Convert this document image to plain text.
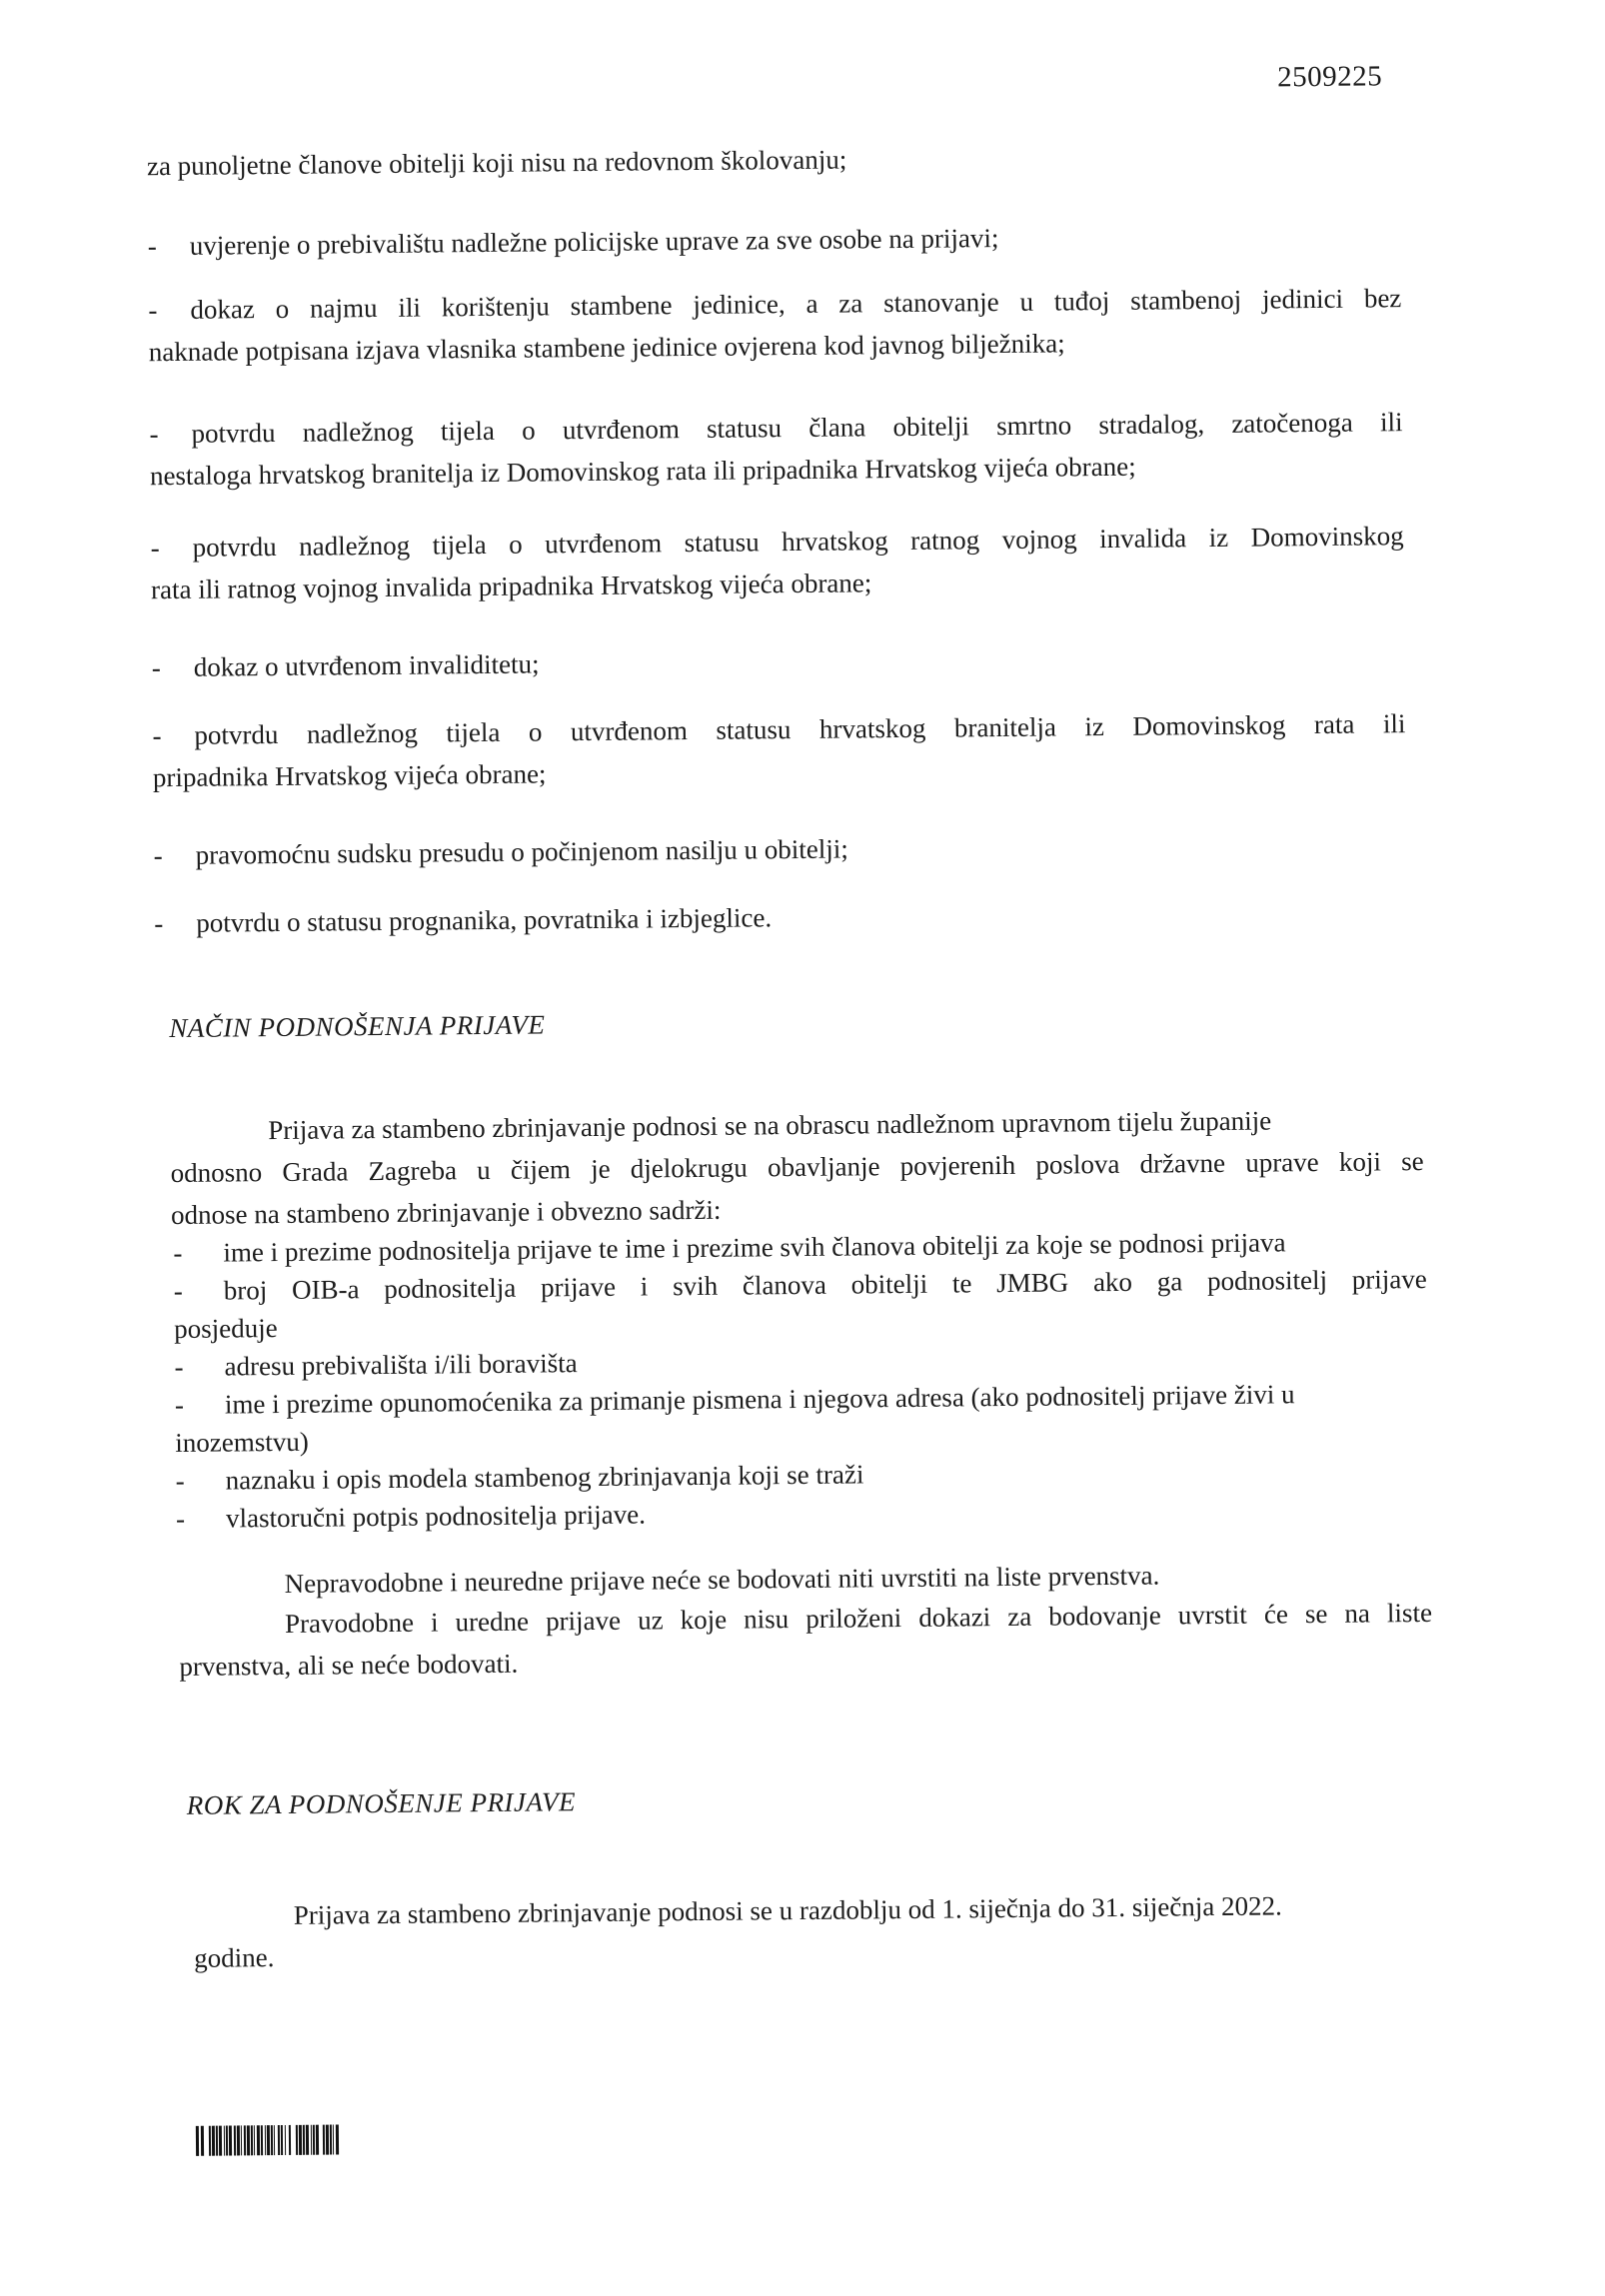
2509225
za punoljetne članove obitelji koji nisu na redovnom školovanju;
- uvjerenje o prebivalištu nadležne policijske uprave za sve osobe na prijavi;
- dokaz o najmu ili korištenju stambene jedinice, a za stanovanje u tuđoj stambenoj jedinici bez
naknade potpisana izjava vlasnika stambene jedinice ovjerena kod javnog bilježnika;
- potvrdu nadležnog tijela o utvrđenom statusu člana obitelji smrtno stradalog, zatočenoga ili
nestaloga hrvatskog branitelja iz Domovinskog rata ili pripadnika Hrvatskog vijeća obrane;
- potvrdu nadležnog tijela o utvrđenom statusu hrvatskog ratnog vojnog invalida iz Domovinskog
rata ili ratnog vojnog invalida pripadnika Hrvatskog vijeća obrane;
- dokaz o utvrđenom invaliditetu;
- potvrdu nadležnog tijela o utvrđenom statusu hrvatskog branitelja iz Domovinskog rata ili
pripadnika Hrvatskog vijeća obrane;
- pravomoćnu sudsku presudu o počinjenom nasilju u obitelji;
- potvrdu o statusu prognanika, povratnika i izbjeglice.
NAČIN PODNOŠENJA PRIJAVE
Prijava za stambeno zbrinjavanje podnosi se na obrascu nadležnom upravnom tijelu županije
odnosno Grada Zagreba u čijem je djelokrugu obavljanje povjerenih poslova državne uprave koji se
odnose na stambeno zbrinjavanje i obvezno sadrži:
- ime i prezime podnositelja prijave te ime i prezime svih članova obitelji za koje se podnosi prijava
- broj OIB-a podnositelja prijave i svih članova obitelji te JMBG ako ga podnositelj prijave
posjeduje
- adresu prebivališta i/ili boravišta
- ime i prezime opunomoćenika za primanje pismena i njegova adresa (ako podnositelj prijave živi u
inozemstvu)
- naznaku i opis modela stambenog zbrinjavanja koji se traži
- vlastoručni potpis podnositelja prijave.
Nepravodobne i neuredne prijave neće se bodovati niti uvrstiti na liste prvenstva.
Pravodobne i uredne prijave uz koje nisu priloženi dokazi za bodovanje uvrstit će se na liste
prvenstva, ali se neće bodovati.
ROK ZA PODNOŠENJE PRIJAVE
Prijava za stambeno zbrinjavanje podnosi se u razdoblju od 1. siječnja do 31. siječnja 2022.
godine.
